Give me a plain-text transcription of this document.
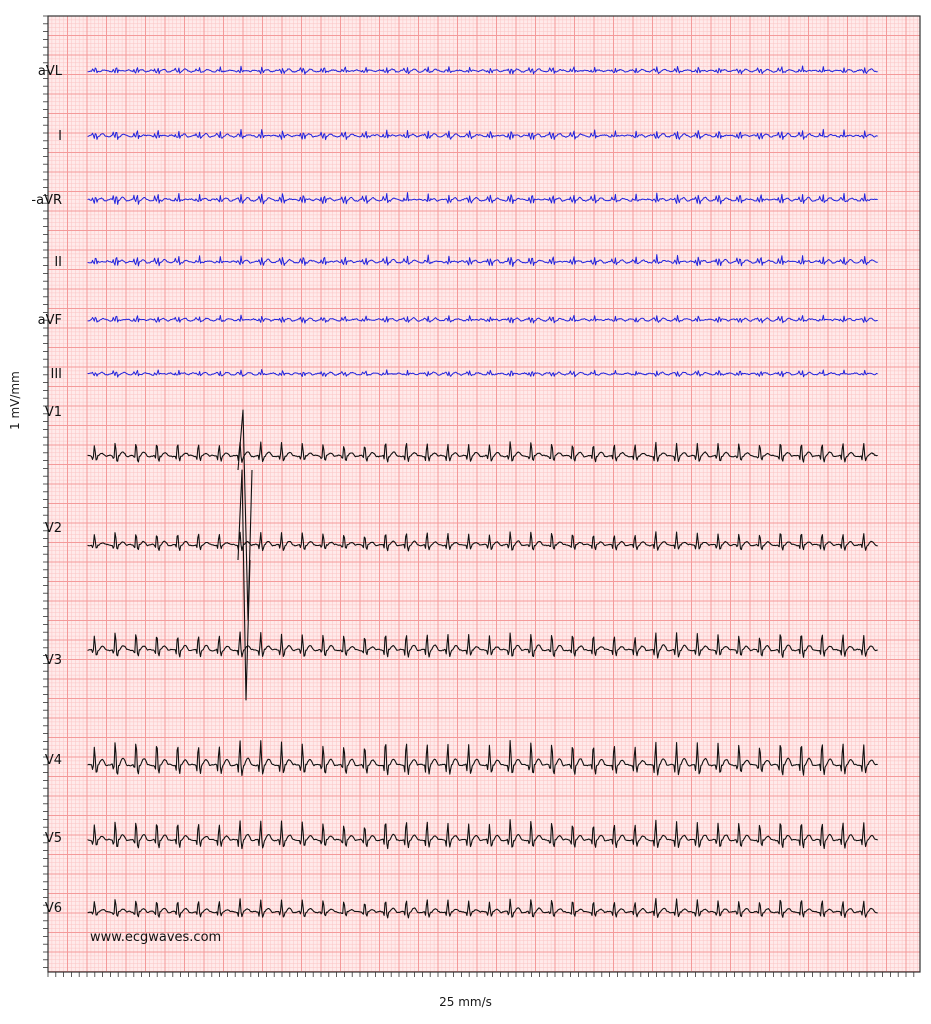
aVL
I
-aVR
II
aVF
III
V1
V2
V3
V4
V5
V6
www.ecgwaves.com
1 mV/mm
25 mm/s
